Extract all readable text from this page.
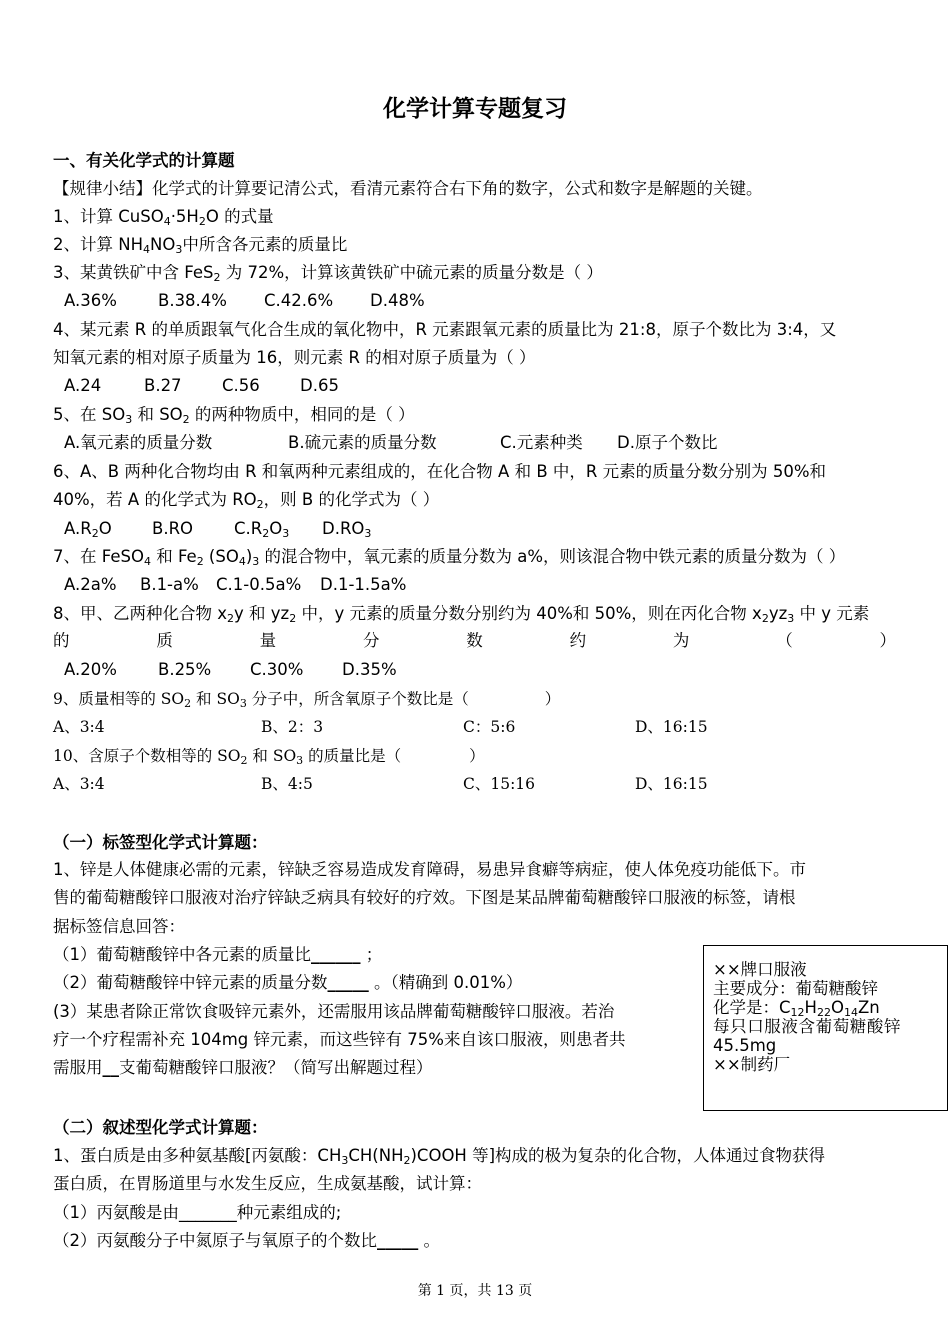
化学计算专题复习
一、有关化学式的计算题
【规律小结】化学式的计算要记清公式，看清元素符合右下角的数字，公式和数字是解题的关键。
1、计算 $CuSO_4\cdot 5H_2O$ 的式量
2、计算 $NH_4NO_3$中所含各元素的质量比
3、某黄铁矿中含 FeS$_2$ 为 72%，计算该黄铁矿中硫元素的质量分数是（ ）
A.36%	B.38.4%	C.42.6%	D.48%
4、某元素 R 的单质跟氧气化合生成的氧化物中，R 元素跟氧元素的质量比为 21:8，原子个数比为 3:4，又
知氧元素的相对原子质量为 16，则元素 R 的相对原子质量为（ ）
A.24	B.27	C.56	D.65
5、在 $SO_3$ 和 $SO_2$ 的两种物质中，相同的是（ ）
A.氧元素的质量分数	B.硫元素的质量分数	C.元素种类	D.原子个数比
6、A、B 两种化合物均由 R 和氧两种元素组成的，在化合物 A 和 B 中，R 元素的质量分数分别为 50%和
40%，若 A 的化学式为 $RO_2$，则 B 的化学式为（ ）
$A.R_2O$	B.RO	$C.R_2O_3$	$D.RO_3$
7、在 FeSO$_4$ 和 $Fe_2$ $(SO_4)_3$ 的混合物中，氧元素的质量分数为 a%，则该混合物中铁元素的质量分数为（ ）
A.2a%	B.1-a%	C.1-0.5a%	D.1-1.5a%
8、甲、乙两种化合物 $x_2y$ 和 $yz_2$ 中，y 元素的质量分数分别约为 40%和 50%，则在丙化合物 $x_2yz_3$ 中 y 元素
的	质	量	分	数	约	为	（	）
A.20%	B.25%	C.30%	D.35%
9、质量相等的 $SO_2$ 和 $SO_3$ 分子中，所含氧原子个数比是（	）
A、3:4	B、2：3	C：5:6	D、16:15
10、含原子个数相等的 $SO_2$ 和 $SO_3$ 的质量比是（	）
A、3:4	B、4:5	C、15:16	D、16:15
（一）标签型化学式计算题：
1、锌是人体健康必需的元素，锌缺乏容易造成发育障碍，易患异食癖等病症，使人体免疫功能低下。市
售的葡萄糖酸锌口服液对治疗锌缺乏病具有较好的疗效。下图是某品牌葡萄糖酸锌口服液的标签，请根
据标签信息回答：
（1）葡萄糖酸锌中各元素的质量比______ ；
（2）葡萄糖酸锌中锌元素的质量分数_____ 。（精确到 0.01%）
(3）某患者除正常饮食吸锌元素外，还需服用该品牌葡萄糖酸锌口服液。若治
疗一个疗程需补充 104mg 锌元素，而这些锌有 75%来自该口服液，则患者共
需服用__支葡萄糖酸锌口服液？（简写出解题过程）
××牌口服液
主要成分：葡萄糖酸锌
化学是：$C_{12}H_{22}O_{14}Zn$
每只口服液含葡萄糖酸锌
45.5mg
××制药厂
（二）叙述型化学式计算题：
1、蛋白质是由多种氨基酸[丙氨酸：$CH_3CH(NH_2)COOH$ 等]构成的极为复杂的化合物，人体通过食物获得
蛋白质，在胃肠道里与水发生反应，生成氨基酸，试计算：
（1）丙氨酸是由_______种元素组成的;
（2）丙氨酸分子中氮原子与氧原子的个数比_____ 。
第 1 页，共 13 页
